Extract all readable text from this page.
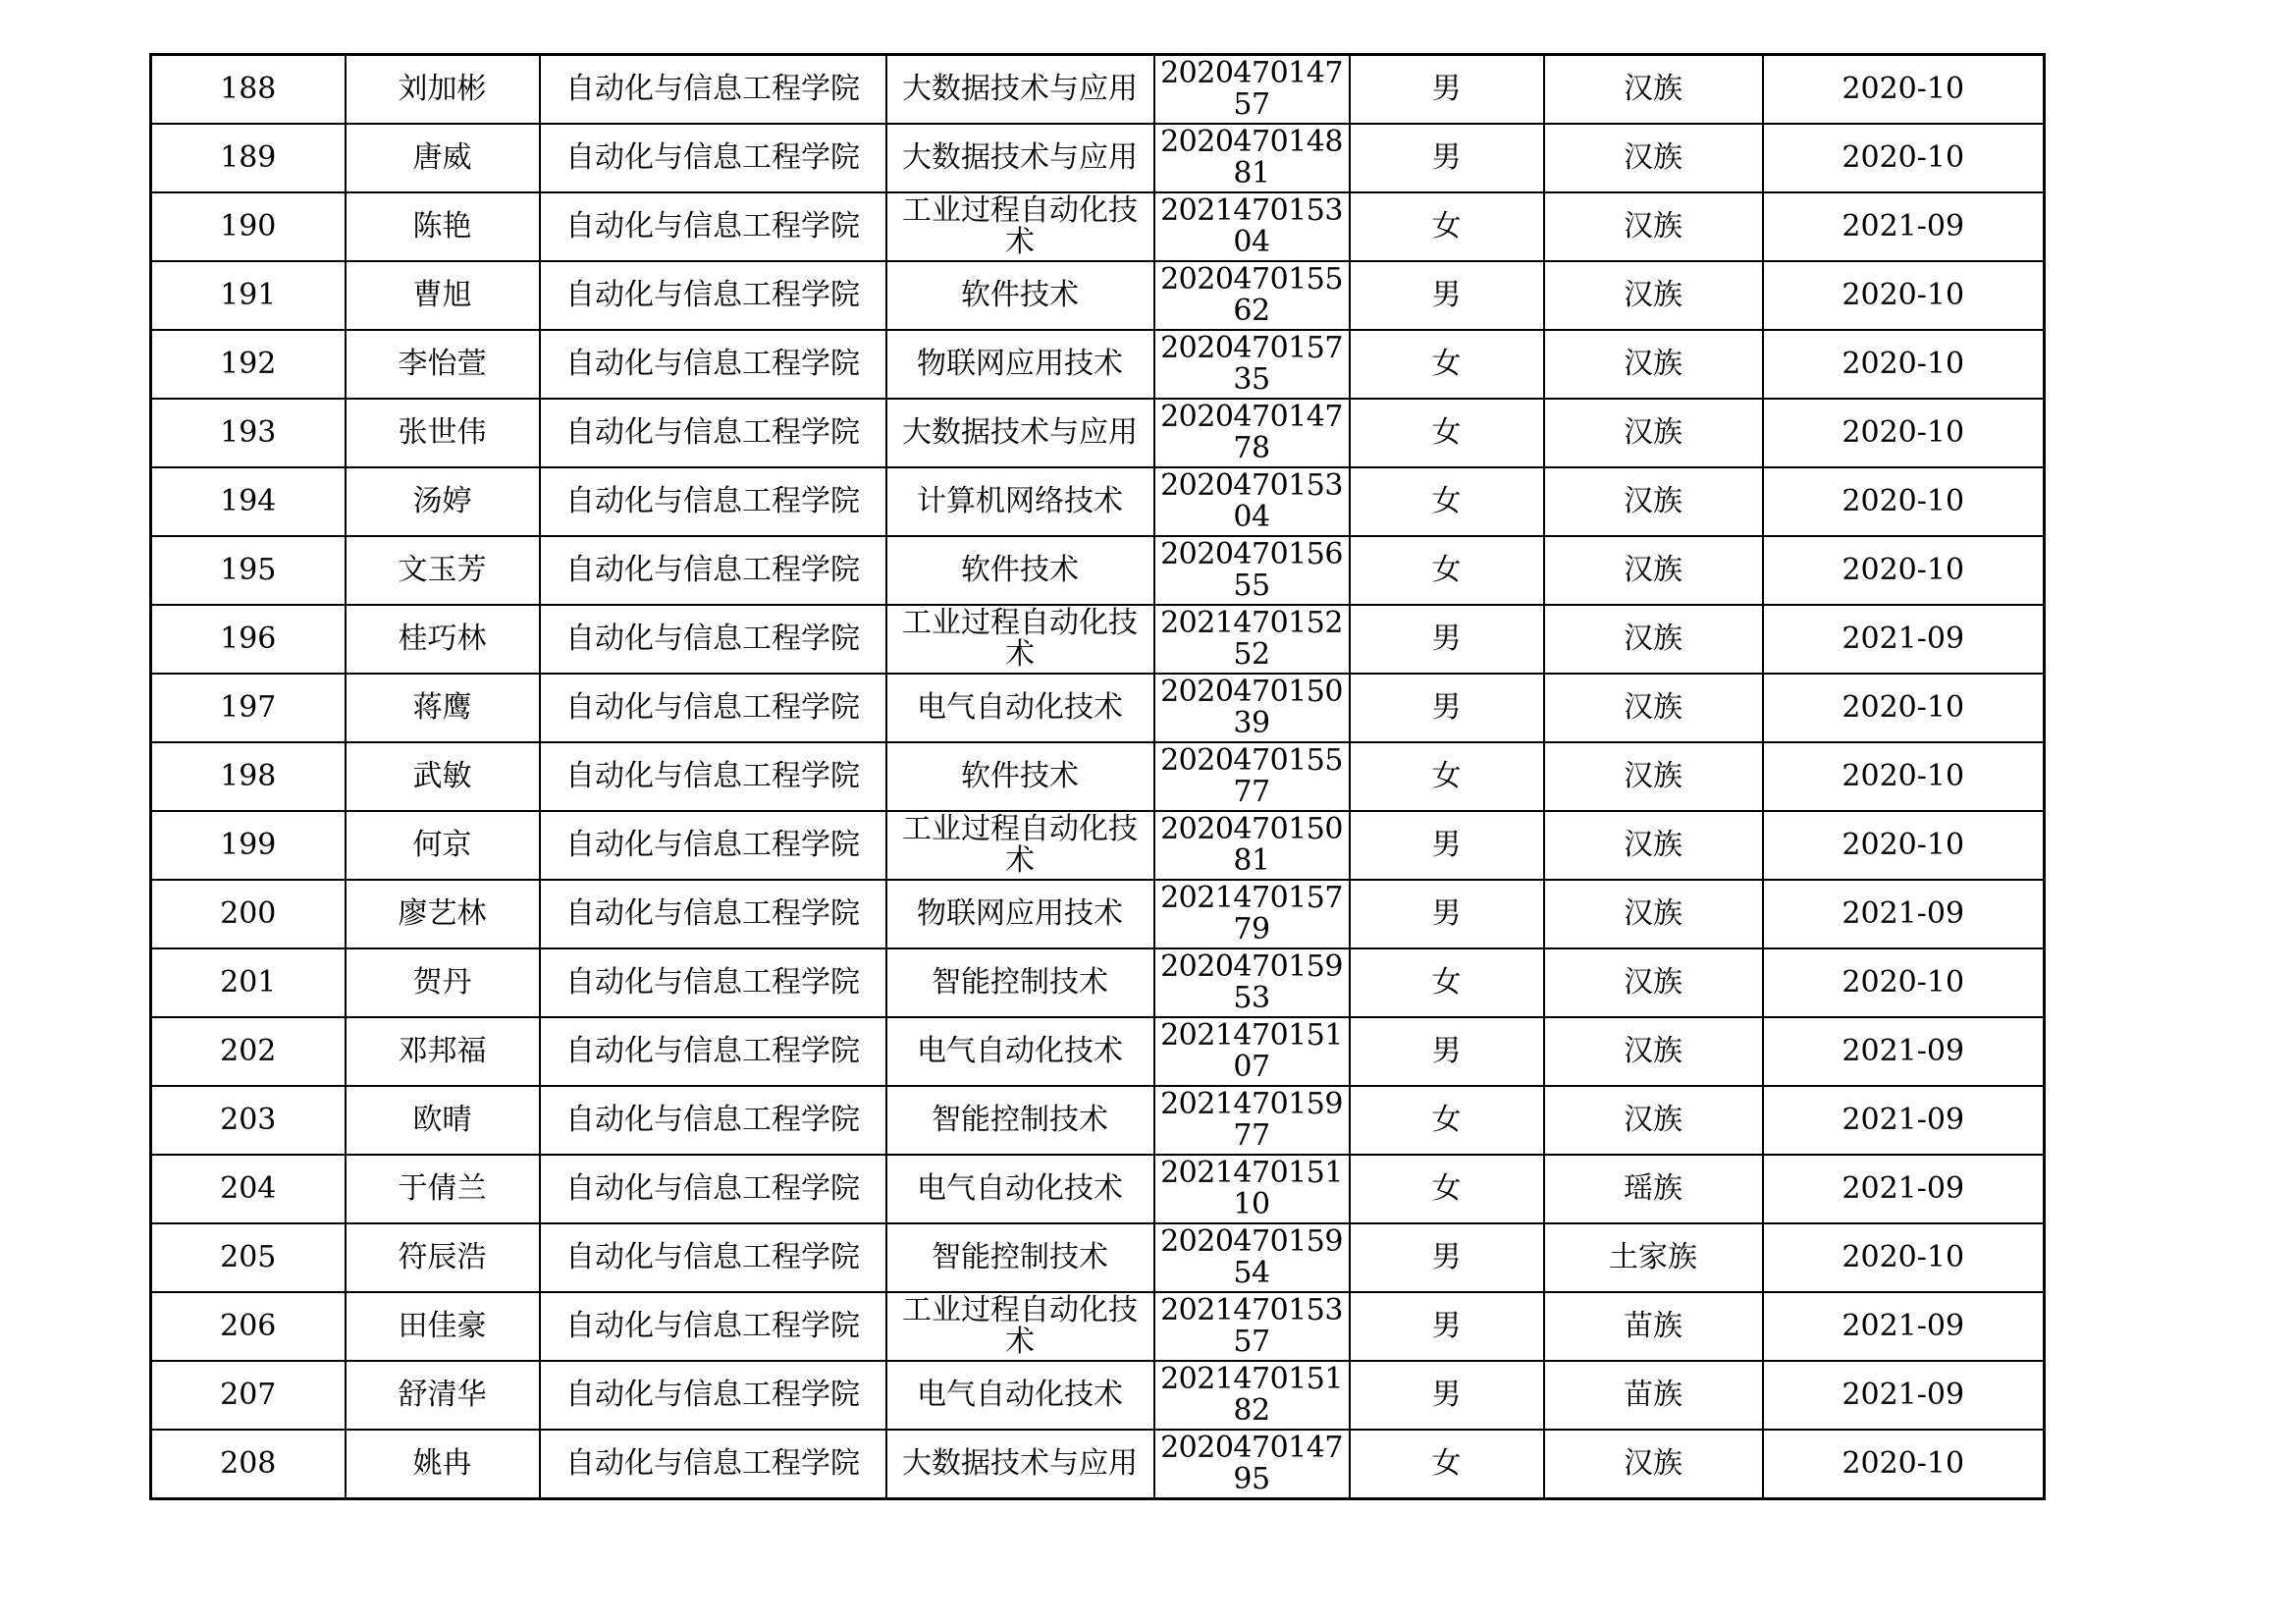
188	刘加彬	自动化与信息工程学院	大数据技术与应用	202047014757	男	汉族	2020-10
189	唐威	自动化与信息工程学院	大数据技术与应用	202047014881	男	汉族	2020-10
190	陈艳	自动化与信息工程学院	工业过程自动化技术	202147015304	女	汉族	2021-09
191	曹旭	自动化与信息工程学院	软件技术	202047015562	男	汉族	2020-10
192	李怡萱	自动化与信息工程学院	物联网应用技术	202047015735	女	汉族	2020-10
193	张世伟	自动化与信息工程学院	大数据技术与应用	202047014778	女	汉族	2020-10
194	汤婷	自动化与信息工程学院	计算机网络技术	202047015304	女	汉族	2020-10
195	文玉芳	自动化与信息工程学院	软件技术	202047015655	女	汉族	2020-10
196	桂巧林	自动化与信息工程学院	工业过程自动化技术	202147015252	男	汉族	2021-09
197	蒋鹰	自动化与信息工程学院	电气自动化技术	202047015039	男	汉族	2020-10
198	武敏	自动化与信息工程学院	软件技术	202047015577	女	汉族	2020-10
199	何京	自动化与信息工程学院	工业过程自动化技术	202047015081	男	汉族	2020-10
200	廖艺林	自动化与信息工程学院	物联网应用技术	202147015779	男	汉族	2021-09
201	贺丹	自动化与信息工程学院	智能控制技术	202047015953	女	汉族	2020-10
202	邓邦福	自动化与信息工程学院	电气自动化技术	202147015107	男	汉族	2021-09
203	欧晴	自动化与信息工程学院	智能控制技术	202147015977	女	汉族	2021-09
204	于倩兰	自动化与信息工程学院	电气自动化技术	202147015110	女	瑶族	2021-09
205	符辰浩	自动化与信息工程学院	智能控制技术	202047015954	男	土家族	2020-10
206	田佳豪	自动化与信息工程学院	工业过程自动化技术	202147015357	男	苗族	2021-09
207	舒清华	自动化与信息工程学院	电气自动化技术	202147015182	男	苗族	2021-09
208	姚冉	自动化与信息工程学院	大数据技术与应用	202047014795	女	汉族	2020-10
